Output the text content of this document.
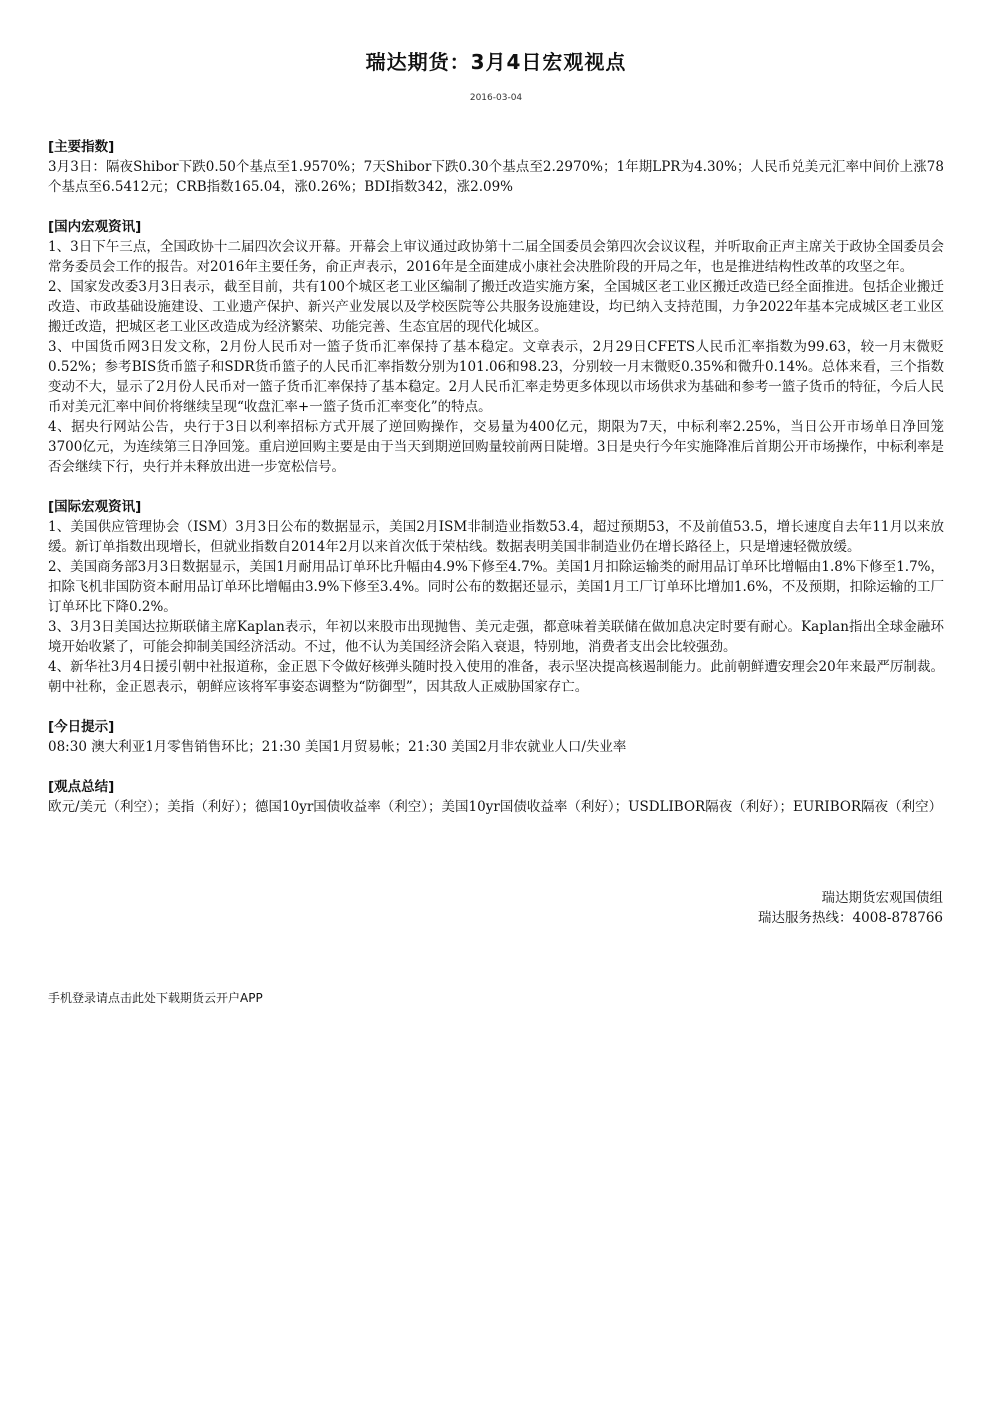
瑞达期货：3月4日宏观视点
2016-03-04
[主要指数]
3月3日：隔夜Shibor下跌0.50个基点至1.9570%；7天Shibor下跌0.30个基点至2.2970%；1年期LPR为4.30%；人民币兑美元汇率中间价上涨78个基点至6.5412元；CRB指数165.04，涨0.26%；BDI指数342，涨2.09%
[国内宏观资讯]
1、3日下午三点，全国政协十二届四次会议开幕。开幕会上审议通过政协第十二届全国委员会第四次会议议程，并听取俞正声主席关于政协全国委员会常务委员会工作的报告。对2016年主要任务，俞正声表示，2016年是全面建成小康社会决胜阶段的开局之年，也是推进结构性改革的攻坚之年。
2、国家发改委3月3日表示，截至目前，共有100个城区老工业区编制了搬迁改造实施方案，全国城区老工业区搬迁改造已经全面推进。包括企业搬迁改造、市政基础设施建设、工业遗产保护、新兴产业发展以及学校医院等公共服务设施建设，均已纳入支持范围，力争2022年基本完成城区老工业区搬迁改造，把城区老工业区改造成为经济繁荣、功能完善、生态宜居的现代化城区。
3、中国货币网3日发文称，2月份人民币对一篮子货币汇率保持了基本稳定。文章表示，2月29日CFETS人民币汇率指数为99.63，较一月末微贬0.52%；参考BIS货币篮子和SDR货币篮子的人民币汇率指数分别为101.06和98.23，分别较一月末微贬0.35%和微升0.14%。总体来看，三个指数变动不大，显示了2月份人民币对一篮子货币汇率保持了基本稳定。2月人民币汇率走势更多体现以市场供求为基础和参考一篮子货币的特征，今后人民币对美元汇率中间价将继续呈现“收盘汇率+一篮子货币汇率变化”的特点。
4、据央行网站公告，央行于3日以利率招标方式开展了逆回购操作，交易量为400亿元，期限为7天，中标利率2.25%，当日公开市场单日净回笼3700亿元，为连续第三日净回笼。重启逆回购主要是由于当天到期逆回购量较前两日陡增。3日是央行今年实施降准后首期公开市场操作，中标利率是否会继续下行，央行并未释放出进一步宽松信号。
[国际宏观资讯]
1、美国供应管理协会（ISM）3月3日公布的数据显示，美国2月ISM非制造业指数53.4，超过预期53，不及前值53.5，增长速度自去年11月以来放缓。新订单指数出现增长，但就业指数自2014年2月以来首次低于荣枯线。数据表明美国非制造业仍在增长路径上，只是增速轻微放缓。
2、美国商务部3月3日数据显示，美国1月耐用品订单环比升幅由4.9%下修至4.7%。美国1月扣除运输类的耐用品订单环比增幅由1.8%下修至1.7%，扣除飞机非国防资本耐用品订单环比增幅由3.9%下修至3.4%。同时公布的数据还显示，美国1月工厂订单环比增加1.6%，不及预期，扣除运输的工厂订单环比下降0.2%。
3、3月3日美国达拉斯联储主席Kaplan表示，年初以来股市出现抛售、美元走强，都意味着美联储在做加息决定时要有耐心。Kaplan指出全球金融环境开始收紧了，可能会抑制美国经济活动。不过，他不认为美国经济会陷入衰退，特别地，消费者支出会比较强劲。
4、新华社3月4日援引朝中社报道称，金正恩下令做好核弹头随时投入使用的准备，表示坚决提高核遏制能力。此前朝鲜遭安理会20年来最严厉制裁。朝中社称，金正恩表示，朝鲜应该将军事姿态调整为“防御型”，因其敌人正威胁国家存亡。
[今日提示]
08:30 澳大利亚1月零售销售环比；21:30 美国1月贸易帐；21:30 美国2月非农就业人口/失业率
[观点总结]
欧元/美元（利空）；美指（利好）；德国10yr国债收益率（利空）；美国10yr国债收益率（利好）；USDLIBOR隔夜（利好）；EURIBOR隔夜（利空）
瑞达期货宏观国债组
瑞达服务热线：4008-878766
手机登录请点击此处下载期货云开户APP
